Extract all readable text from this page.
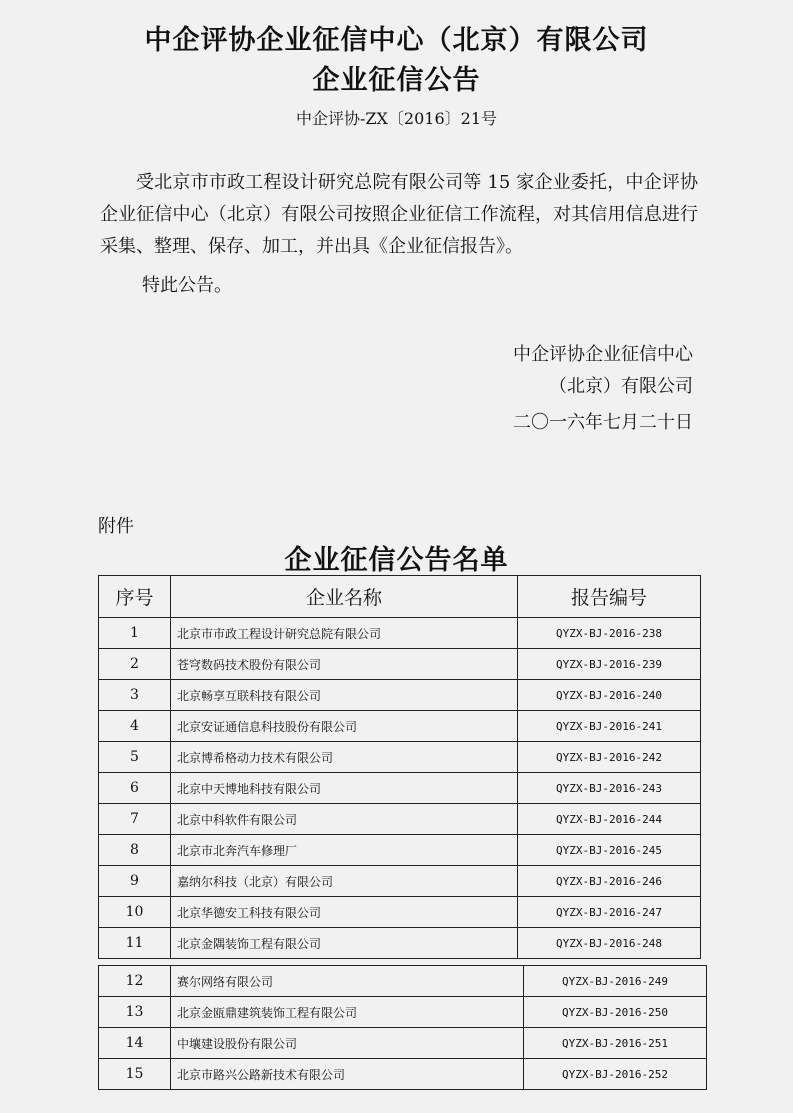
中企评协企业征信中心（北京）有限公司
企业征信公告
中企评协-ZX〔2016〕21号
受北京市市政工程设计研究总院有限公司等 15 家企业委托，中企评协企业征信中心（北京）有限公司按照企业征信工作流程，对其信用信息进行采集、整理、保存、加工，并出具《企业征信报告》。
特此公告。
中企评协企业征信中心
（北京）有限公司
二〇一六年七月二十日
附件
企业征信公告名单
序号	企业名称	报告编号
1	北京市市政工程设计研究总院有限公司	QYZX-BJ-2016-238
2	苍穹数码技术股份有限公司	QYZX-BJ-2016-239
3	北京畅享互联科技有限公司	QYZX-BJ-2016-240
4	北京安证通信息科技股份有限公司	QYZX-BJ-2016-241
5	北京博希格动力技术有限公司	QYZX-BJ-2016-242
6	北京中天博地科技有限公司	QYZX-BJ-2016-243
7	北京中科软件有限公司	QYZX-BJ-2016-244
8	北京市北奔汽车修理厂	QYZX-BJ-2016-245
9	嘉纳尔科技（北京）有限公司	QYZX-BJ-2016-246
10	北京华德安工科技有限公司	QYZX-BJ-2016-247
11	北京金隅装饰工程有限公司	QYZX-BJ-2016-248
12	赛尔网络有限公司	QYZX-BJ-2016-249
13	北京金瓯鼎建筑装饰工程有限公司	QYZX-BJ-2016-250
14	中壤建设股份有限公司	QYZX-BJ-2016-251
15	北京市路兴公路新技术有限公司	QYZX-BJ-2016-252
